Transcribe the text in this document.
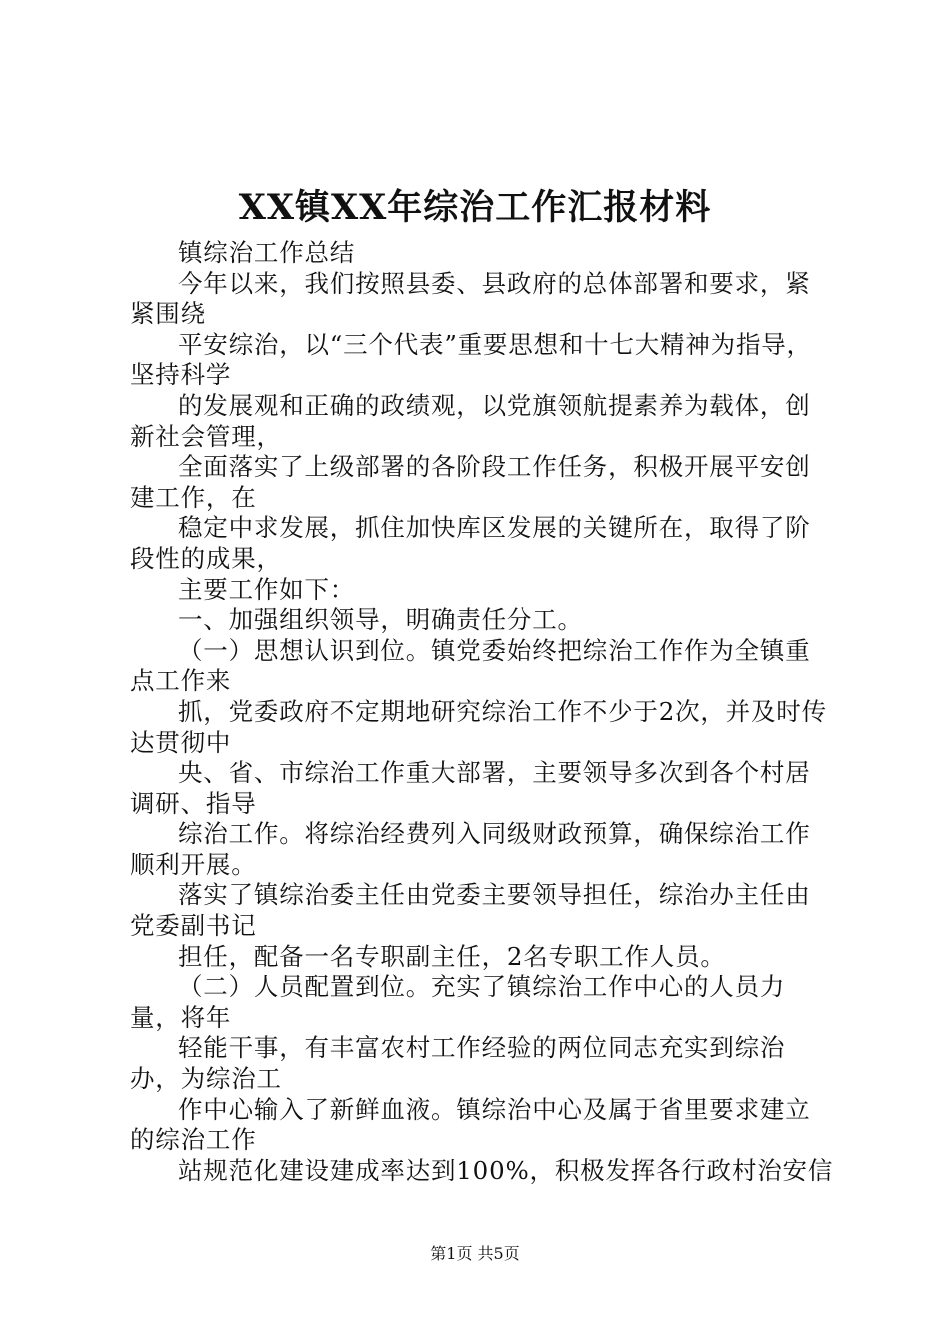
XX镇XX年综治工作汇报材料

镇综治工作总结

今年以来，我们按照县委、县政府的总体部署和要求，紧紧围绕

平安综治，以“三个代表”重要思想和十七大精神为指导，坚持科学

的发展观和正确的政绩观，以党旗领航提素养为载体，创新社会管理，

全面落实了上级部署的各阶段工作任务，积极开展平安创建工作，在

稳定中求发展，抓住加快库区发展的关键所在，取得了阶段性的成果，

主要工作如下：

一、加强组织领导，明确责任分工。

（一）思想认识到位。镇党委始终把综治工作作为全镇重点工作来

抓，党委政府不定期地研究综治工作不少于2次，并及时传达贯彻中

央、省、市综治工作重大部署，主要领导多次到各个村居调研、指导

综治工作。将综治经费列入同级财政预算，确保综治工作顺利开展。

落实了镇综治委主任由党委主要领导担任，综治办主任由党委副书记

担任，配备一名专职副主任，2名专职工作人员。

（二）人员配置到位。充实了镇综治工作中心的人员力量，将年

轻能干事，有丰富农村工作经验的两位同志充实到综治办，为综治工

作中心输入了新鲜血液。镇综治中心及属于省里要求建立的综治工作

站规范化建设建成率达到100%，积极发挥各行政村治安信

第1页 共5页
